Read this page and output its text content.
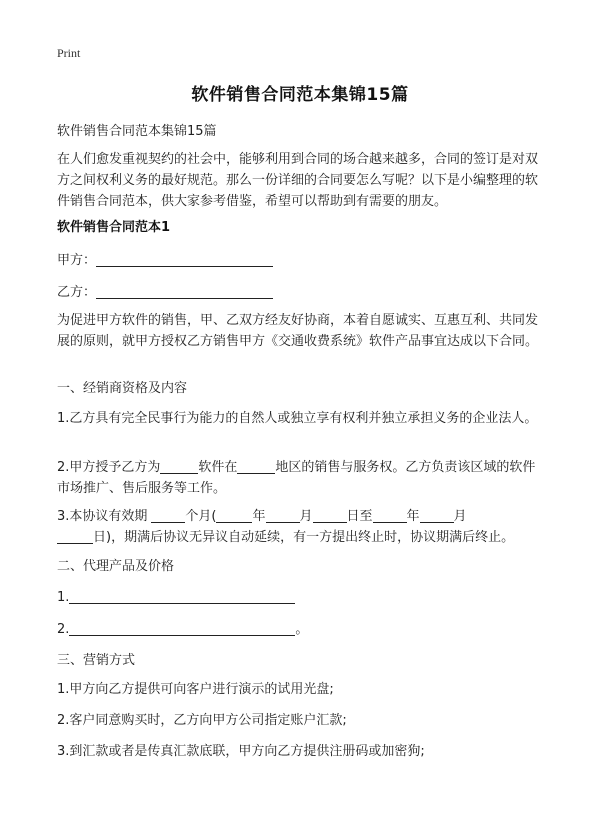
Print
软件销售合同范本集锦15篇
软件销售合同范本集锦15篇
在人们愈发重视契约的社会中，能够利用到合同的场合越来越多，合同的签订是对双方之间权利义务的最好规范。那么一份详细的合同要怎么写呢？以下是小编整理的软件销售合同范本，供大家参考借鉴，希望可以帮助到有需要的朋友。
软件销售合同范本1
甲方：
乙方：
为促进甲方软件的销售，甲、乙双方经友好协商，本着自愿诚实、互惠互利、共同发展的原则，就甲方授权乙方销售甲方《交通收费系统》软件产品事宜达成以下合同。
一、经销商资格及内容
1.乙方具有完全民事行为能力的自然人或独立享有权利并独立承担义务的企业法人。
2.甲方授予乙方为	软件在	地区的销售与服务权。乙方负责该区域的软件市场推广、售后服务等工作。
3.本协议有效期	个月(	年	月	日至	年	月
日)，期满后协议无异议自动延续，有一方提出终止时，协议期满后终止。
二、代理产品及价格
1.
2.	。
三、营销方式
1.甲方向乙方提供可向客户进行演示的试用光盘;
2.客户同意购买时，乙方向甲方公司指定账户汇款;
3.到汇款或者是传真汇款底联，甲方向乙方提供注册码或加密狗;
